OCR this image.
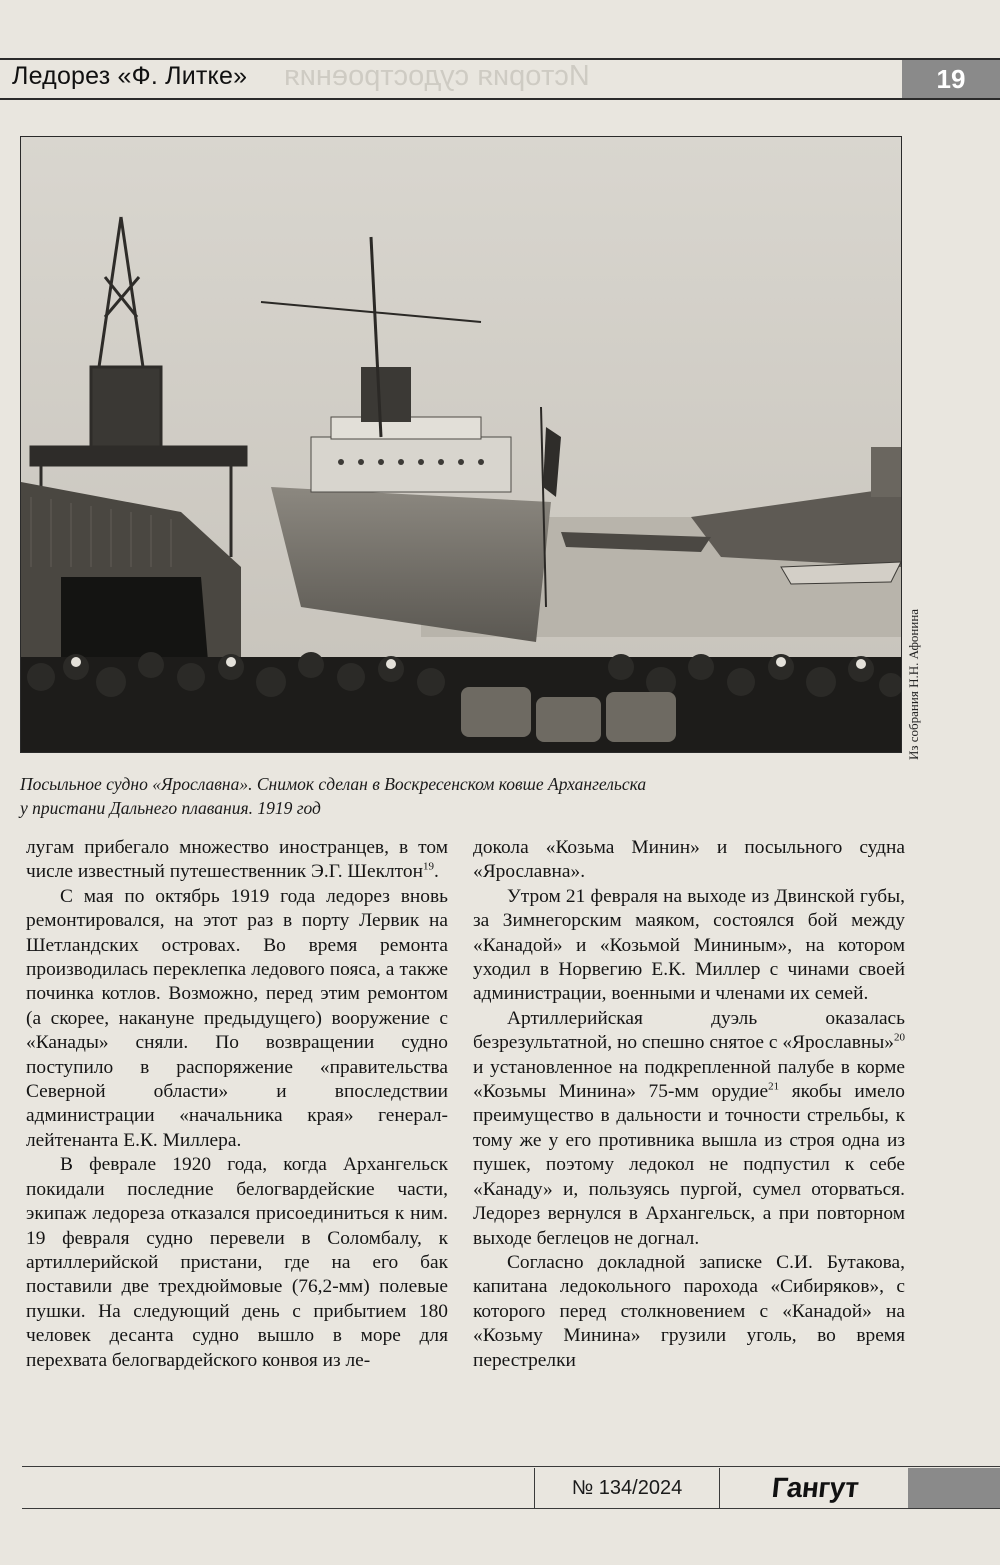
История судостроения
Ледорез «Ф. Литке»	19
Из собрания Н.Н. Афонина

Посыльное судно «Ярославна». Снимок сделан в Воскресенском ковше Архангельска

у пристани Дальнего плавания. 1919 год

лугам прибегало множество иностранцев, в том числе известный путешественник Э.Г. Шеклтон$^{19}$.

С мая по октябрь 1919 года ледорез вновь ремонтировался, на этот раз в порту Лервик на Шетландских островах. Во время ремонта производилась переклепка ледового пояса, а также починка котлов. Возможно, перед этим ремонтом (а скорее, накануне предыдущего) вооружение с «Канады» сняли. По возвращении судно поступило в распоряжение «правительства Северной области» и впоследствии администрации «начальника края» генерал-лейтенанта Е.К. Миллера.

В феврале 1920 года, когда Архангельск покидали последние белогвардейские части, экипаж ледореза отказался присоединиться к ним. 19 февраля судно перевели в Соломбалу, к артиллерийской пристани, где на его бак поставили две трехдюймовые (76,2-мм) полевые пушки. На следующий день с прибытием 180 человек десанта судно вышло в море для перехвата белогвардейского конвоя из ле-

докола «Козьма Минин» и посыльного судна «Ярославна».

Утром 21 февраля на выходе из Двинской губы, за Зимнегорским маяком, состоялся бой между «Канадой» и «Козьмой Мининым», на котором уходил в Норвегию Е.К. Миллер с чинами своей администрации, военными и членами их семей.

Артиллерийская дуэль оказалась безрезультатной, но спешно снятое с «Ярославны»$^{20}$ и установленное на подкрепленной палубе в корме «Козьмы Минина» 75-мм орудие$^{21}$ якобы имело преимущество в дальности и точности стрельбы, к тому же у его противника вышла из строя одна из пушек, поэтому ледокол не подпустил к себе «Канаду» и, пользуясь пургой, сумел оторваться. Ледорез вернулся в Архангельск, а при повторном выходе беглецов не догнал.

Согласно докладной записке С.И. Бутакова, капитана ледокольного парохода «Сибиряков», с которого перед столкновением с «Канадой» на «Козьму Минина» грузили уголь, во время перестрелки

№ 134/2024	Гангут
